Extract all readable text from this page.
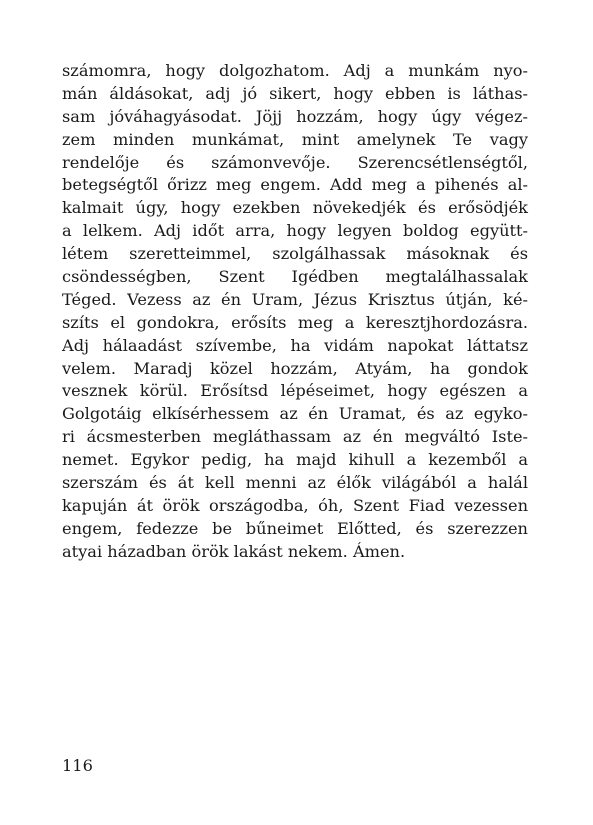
számomra, hogy dolgozhatom. Adj a munkám nyo-
mán áldásokat, adj jó sikert, hogy ebben is láthas-
sam jóváhagyásodat. Jöjj hozzám, hogy úgy végez-
zem minden munkámat, mint amelynek Te vagy
rendelője és számonvevője. Szerencsétlenségtől,
betegségtől őrizz meg engem. Add meg a pihenés al-
kalmait úgy, hogy ezekben növekedjék és erősödjék
a lelkem. Adj időt arra, hogy legyen boldog együtt-
létem szeretteimmel, szolgálhassak másoknak és
csöndességben, Szent Igédben megtalálhassalak
Téged. Vezess az én Uram, Jézus Krisztus útján, ké-
szíts el gondokra, erősíts meg a keresztjhordozásra.
Adj hálaadást szívembe, ha vidám napokat láttatsz
velem. Maradj közel hozzám, Atyám, ha gondok
vesznek körül. Erősítsd lépéseimet, hogy egészen a
Golgotáig elkísérhessem az én Uramat, és az egyko-
ri ácsmesterben megláthassam az én megváltó Iste-
nemet. Egykor pedig, ha majd kihull a kezemből a
szerszám és át kell menni az élők világából a halál
kapuján át örök országodba, óh, Szent Fiad vezessen
engem, fedezze be bűneimet Előtted, és szerezzen
atyai házadban örök lakást nekem. Ámen.
116
